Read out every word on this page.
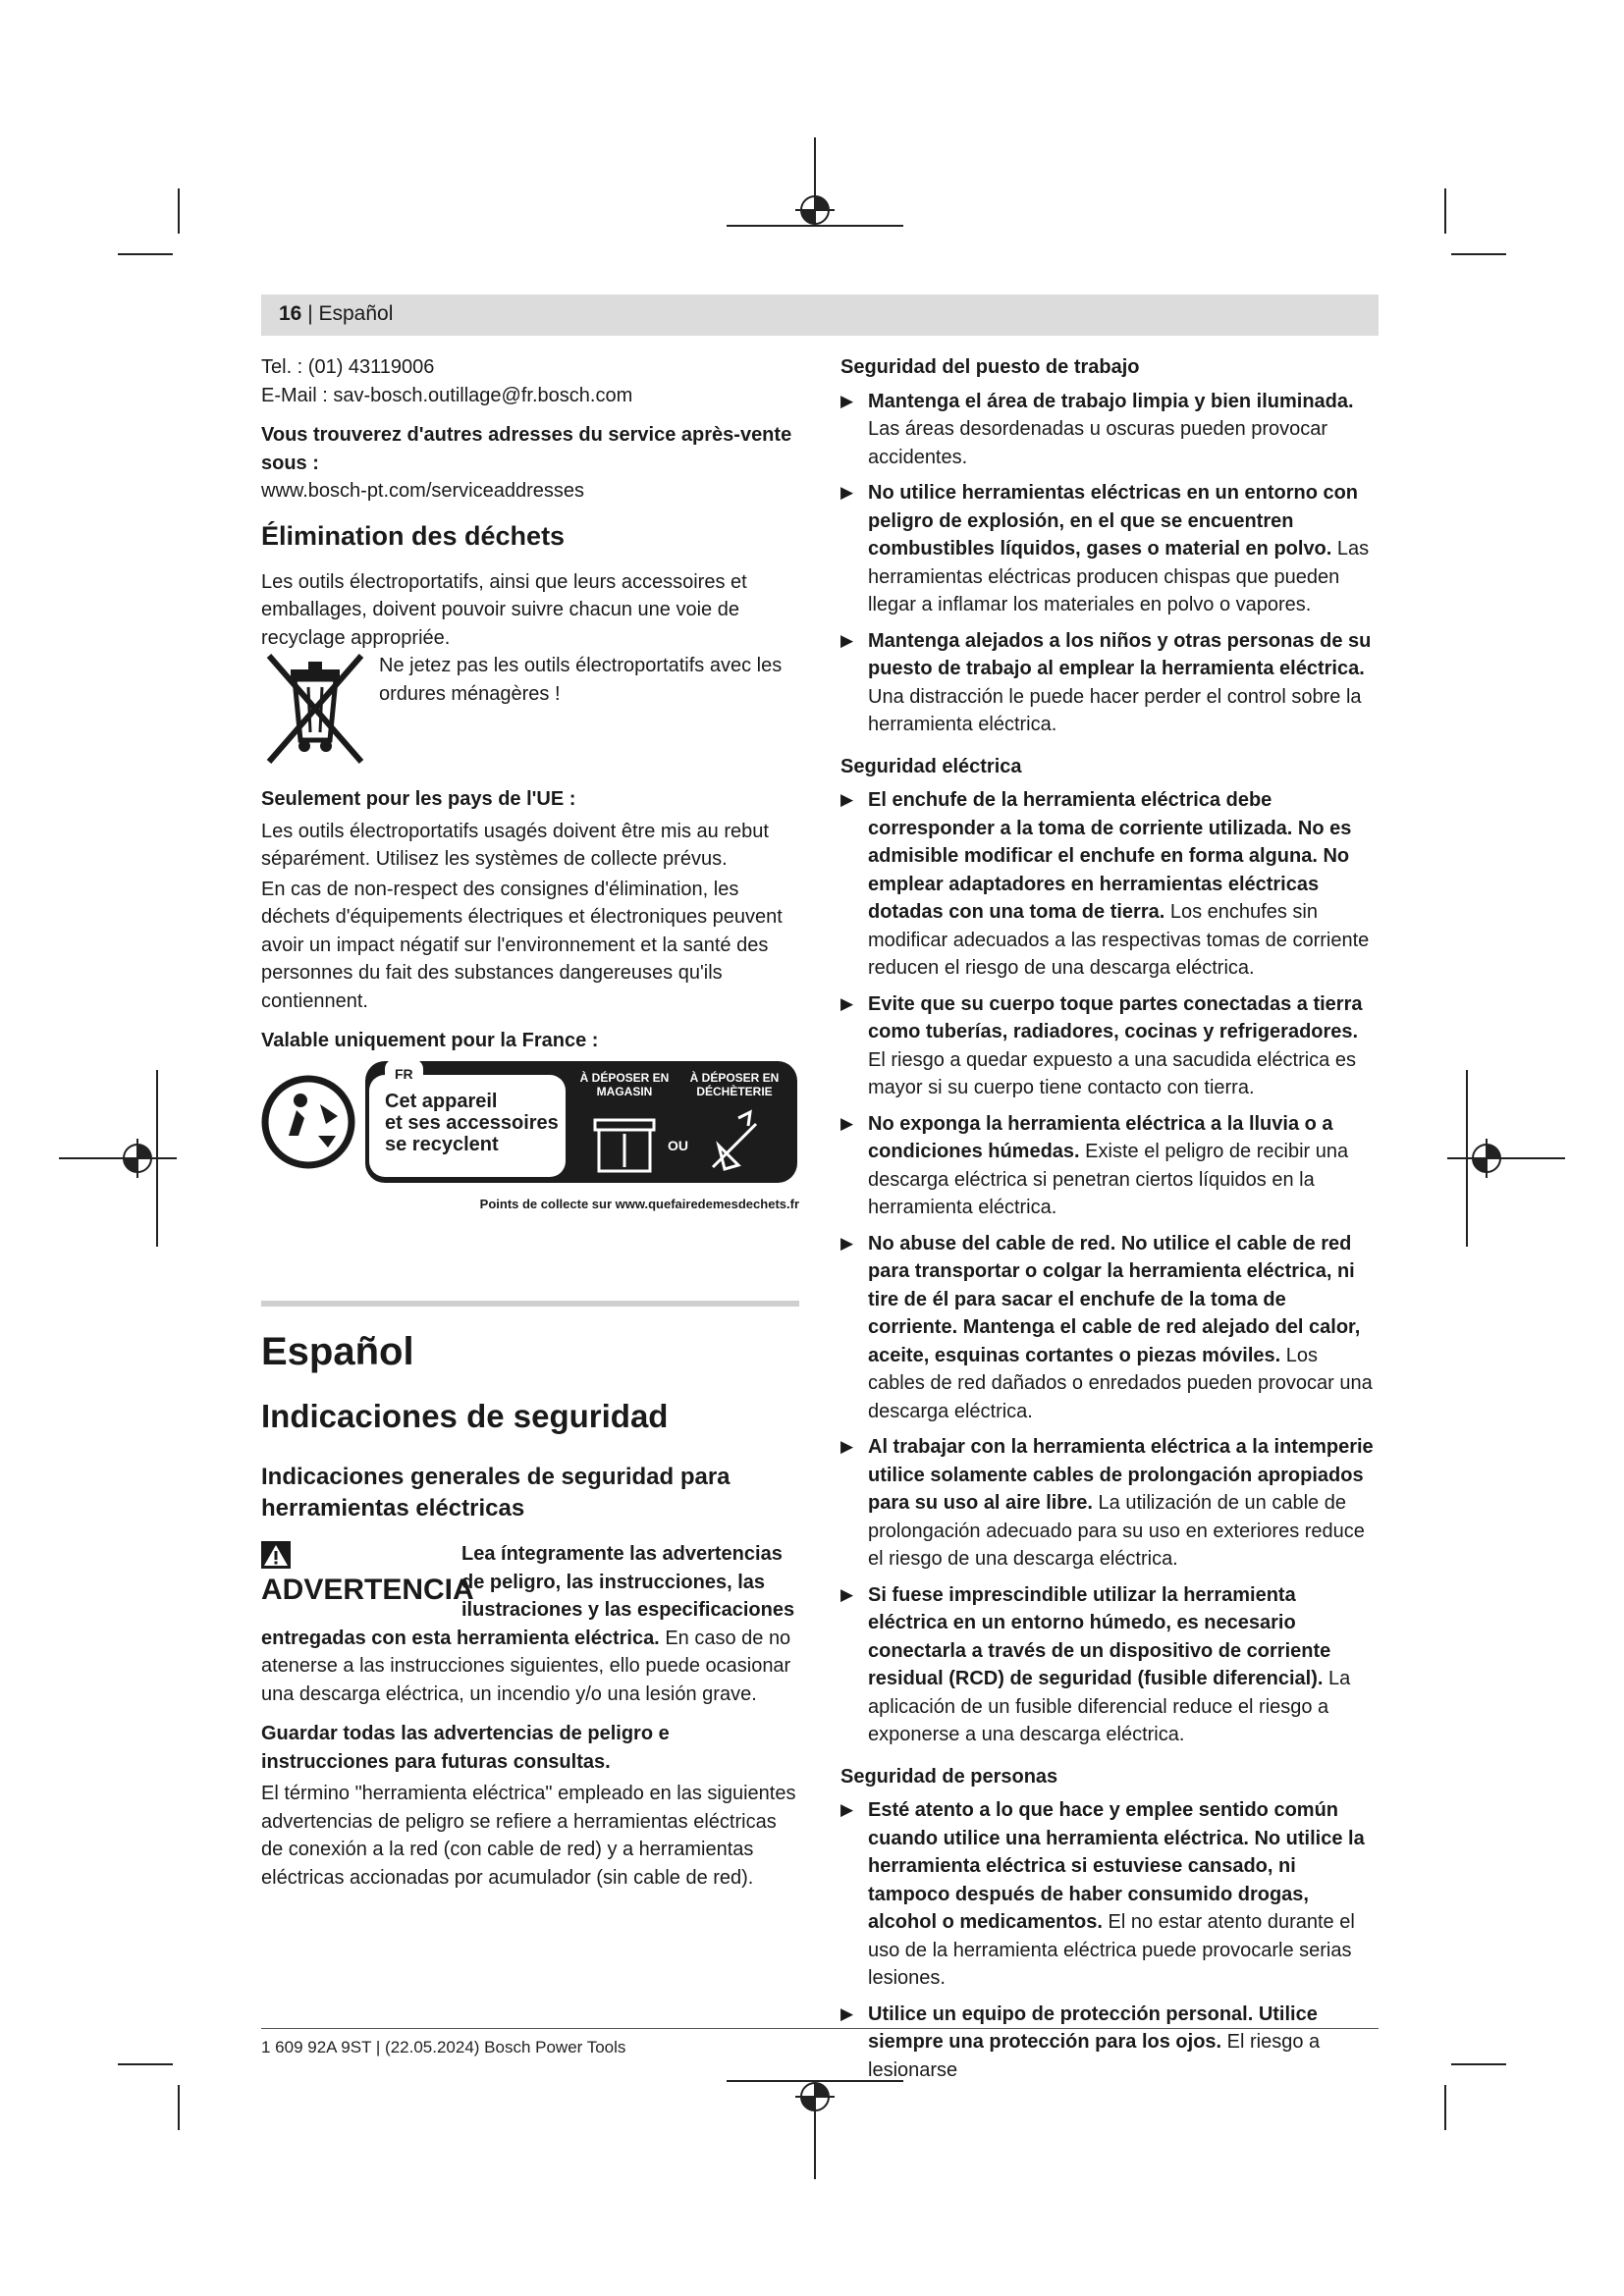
16 | Español
Tel. : (01) 43119006

E-Mail : sav-bosch.outillage@fr.bosch.com

Vous trouverez d'autres adresses du service après-vente sous :

www.bosch-pt.com/serviceaddresses

Élimination des déchets
Les outils électroportatifs, ainsi que leurs accessoires et emballages, doivent pouvoir suivre chacun une voie de recyclage appropriée.
Ne jetez pas les outils électroportatifs avec les ordures ménagères !
Seulement pour les pays de l'UE :

Les outils électroportatifs usagés doivent être mis au rebut séparément. Utilisez les systèmes de collecte prévus.

En cas de non-respect des consignes d'élimination, les déchets d'équipements électriques et électroniques peuvent avoir un impact négatif sur l'environnement et la santé des personnes du fait des substances dangereuses qu'ils contiennent.

Valable uniquement pour la France :
FR
Cet appareil
et ses accessoires
se recyclent
À DÉPOSER EN MAGASIN
À DÉPOSER EN DÉCHÈTERIE
OU
Points de collecte sur www.quefairedemesdechets.fr
Español
Indicaciones de seguridad
Indicaciones generales de seguridad para herramientas eléctricas
ADVERTENCIA

Lea íntegramente las advertencias de peligro, las instrucciones, las ilustraciones y las especificaciones entregadas con esta herramienta eléctrica. En caso de no atenerse a las instrucciones siguientes, ello puede ocasionar una descarga eléctrica, un incendio y/o una lesión grave.

Guardar todas las advertencias de peligro e instrucciones para futuras consultas.

El término "herramienta eléctrica" empleado en las siguientes advertencias de peligro se refiere a herramientas eléctricas de conexión a la red (con cable de red) y a herramientas eléctricas accionadas por acumulador (sin cable de red).

Seguridad del puesto de trabajo
▶ Mantenga el área de trabajo limpia y bien iluminada. Las áreas desordenadas u oscuras pueden provocar accidentes.
▶ No utilice herramientas eléctricas en un entorno con peligro de explosión, en el que se encuentren combustibles líquidos, gases o material en polvo. Las herramientas eléctricas producen chispas que pueden llegar a inflamar los materiales en polvo o vapores.
▶ Mantenga alejados a los niños y otras personas de su puesto de trabajo al emplear la herramienta eléctrica. Una distracción le puede hacer perder el control sobre la herramienta eléctrica.
Seguridad eléctrica
▶ El enchufe de la herramienta eléctrica debe corresponder a la toma de corriente utilizada. No es admisible modificar el enchufe en forma alguna. No emplear adaptadores en herramientas eléctricas dotadas con una toma de tierra. Los enchufes sin modificar adecuados a las respectivas tomas de corriente reducen el riesgo de una descarga eléctrica.
▶ Evite que su cuerpo toque partes conectadas a tierra como tuberías, radiadores, cocinas y refrigeradores. El riesgo a quedar expuesto a una sacudida eléctrica es mayor si su cuerpo tiene contacto con tierra.
▶ No exponga la herramienta eléctrica a la lluvia o a condiciones húmedas. Existe el peligro de recibir una descarga eléctrica si penetran ciertos líquidos en la herramienta eléctrica.
▶ No abuse del cable de red. No utilice el cable de red para transportar o colgar la herramienta eléctrica, ni tire de él para sacar el enchufe de la toma de corriente. Mantenga el cable de red alejado del calor, aceite, esquinas cortantes o piezas móviles. Los cables de red dañados o enredados pueden provocar una descarga eléctrica.
▶ Al trabajar con la herramienta eléctrica a la intemperie utilice solamente cables de prolongación apropiados para su uso al aire libre. La utilización de un cable de prolongación adecuado para su uso en exteriores reduce el riesgo de una descarga eléctrica.
▶ Si fuese imprescindible utilizar la herramienta eléctrica en un entorno húmedo, es necesario conectarla a través de un dispositivo de corriente residual (RCD) de seguridad (fusible diferencial). La aplicación de un fusible diferencial reduce el riesgo a exponerse a una descarga eléctrica.
Seguridad de personas
▶ Esté atento a lo que hace y emplee sentido común cuando utilice una herramienta eléctrica. No utilice la herramienta eléctrica si estuviese cansado, ni tampoco después de haber consumido drogas, alcohol o medicamentos. El no estar atento durante el uso de la herramienta eléctrica puede provocarle serias lesiones.
▶ Utilice un equipo de protección personal. Utilice siempre una protección para los ojos. El riesgo a lesionarse
1 609 92A 9ST | (22.05.2024) Bosch Power Tools
